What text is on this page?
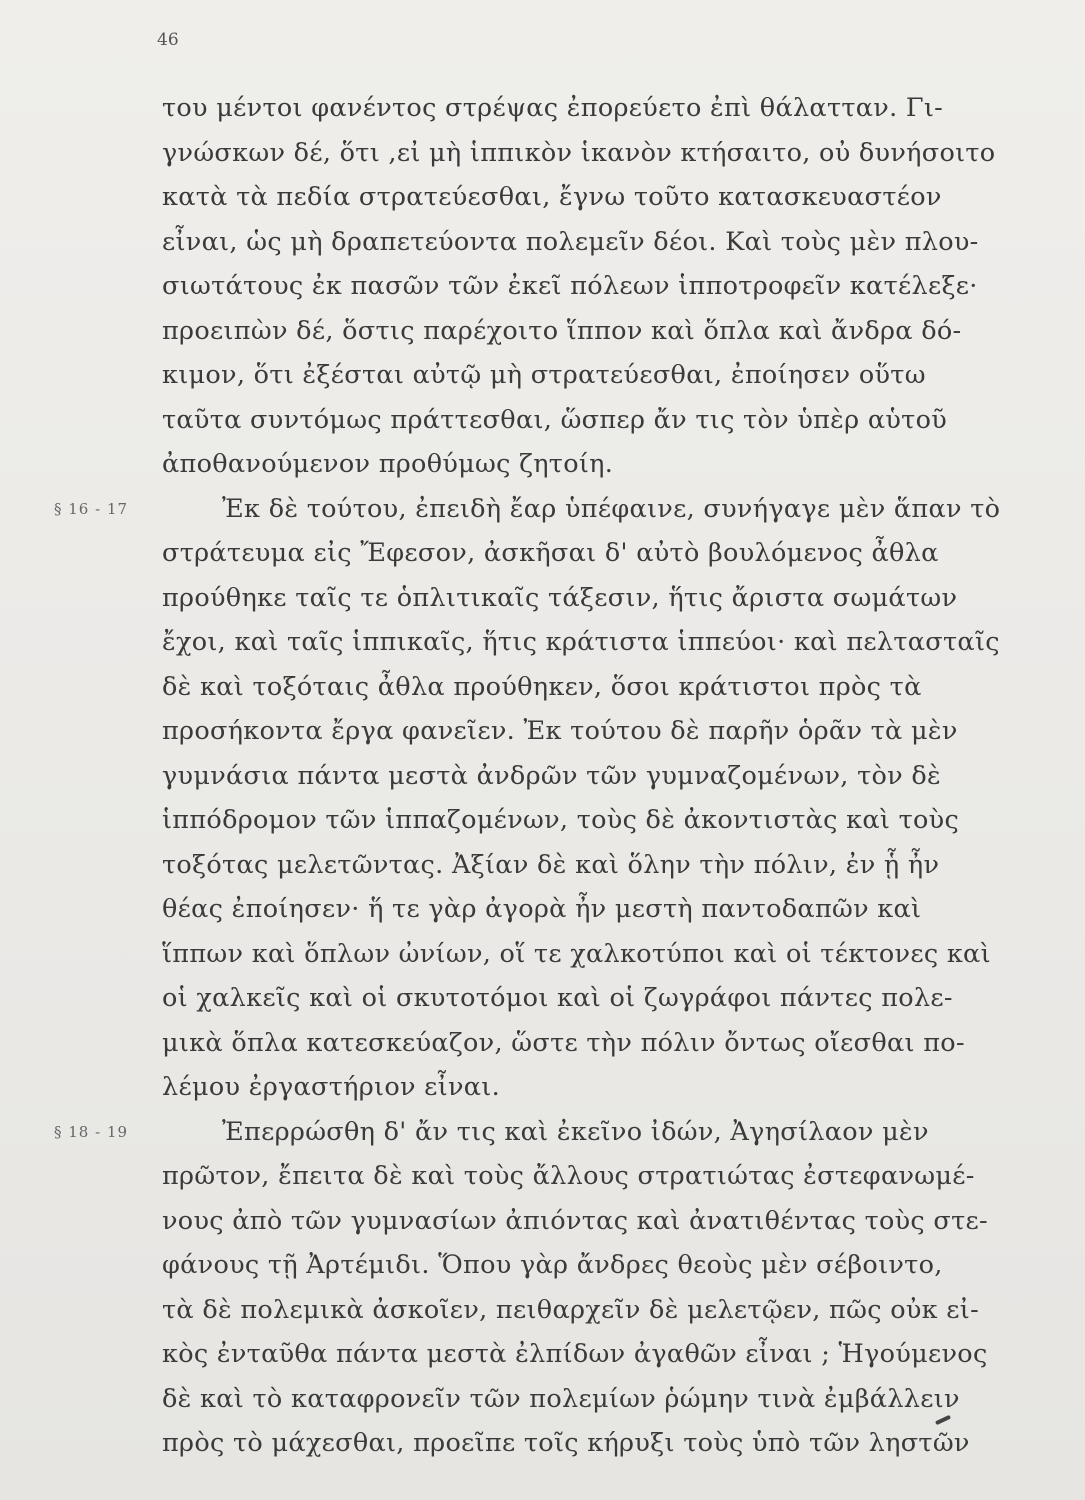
46
του μέντοι φανέντος στρέψας ἐπορεύετο ἐπὶ θάλατταν. Γι-
γνώσκων δέ, ὅτι ,εἰ μὴ ἱππικὸν ἱκανὸν κτήσαιτο, οὐ δυνήσοιτο
κατὰ τὰ πεδία στρατεύεσθαι, ἔγνω τοῦτο κατασκευαστέον
εἶναι, ὡς μὴ δραπετεύοντα πολεμεῖν δέοι. Καὶ τοὺς μὲν πλου-
σιωτάτους ἐκ πασῶν τῶν ἐκεῖ πόλεων ἱπποτροφεῖν κατέλεξε·
προειπὼν δέ, ὅστις παρέχοιτο ἵππον καὶ ὅπλα καὶ ἄνδρα δό-
κιμον, ὅτι ἐξέσται αὐτῷ μὴ στρατεύεσθαι, ἐποίησεν οὕτω
ταῦτα συντόμως πράττεσθαι, ὥσπερ ἄν τις τὸν ὑπὲρ αὑτοῦ
ἀποθανούμενον προθύμως ζητοίη.
§ 16 - 17	Ἐκ δὲ τούτου, ἐπειδὴ ἔαρ ὑπέφαινε, συνήγαγε μὲν ἅπαν τὸ
στράτευμα εἰς Ἔφεσον, ἀσκῆσαι δ' αὐτὸ βουλόμενος ἆθλα
προύθηκε ταῖς τε ὁπλιτικαῖς τάξεσιν, ἥτις ἄριστα σωμάτων
ἔχοι, καὶ ταῖς ἱππικαῖς, ἥτις κράτιστα ἱππεύοι· καὶ πελτασταῖς
δὲ καὶ τοξόταις ἆθλα προύθηκεν, ὅσοι κράτιστοι πρὸς τὰ
προσήκοντα ἔργα φανεῖεν. Ἐκ τούτου δὲ παρῆν ὁρᾶν τὰ μὲν
γυμνάσια πάντα μεστὰ ἀνδρῶν τῶν γυμναζομένων, τὸν δὲ
ἱππόδρομον τῶν ἱππαζομένων, τοὺς δὲ ἀκοντιστὰς καὶ τοὺς
τοξότας μελετῶντας. Ἀξίαν δὲ καὶ ὅλην τὴν πόλιν, ἐν ᾗ ἦν
θέας ἐποίησεν· ἥ τε γὰρ ἀγορὰ ἦν μεστὴ παντοδαπῶν καὶ
ἵππων καὶ ὅπλων ὠνίων, οἵ τε χαλκοτύποι καὶ οἱ τέκτονες καὶ
οἱ χαλκεῖς καὶ οἱ σκυτοτόμοι καὶ οἱ ζωγράφοι πάντες πολε-
μικὰ ὅπλα κατεσκεύαζον, ὥστε τὴν πόλιν ὄντως οἴεσθαι πο-
λέμου ἐργαστήριον εἶναι.
§ 18 - 19	Ἐπερρώσθη δ' ἄν τις καὶ ἐκεῖνο ἰδών, Ἀγησίλαον μὲν
πρῶτον, ἔπειτα δὲ καὶ τοὺς ἄλλους στρατιώτας ἐστεφανωμέ-
νους ἀπὸ τῶν γυμνασίων ἀπιόντας καὶ ἀνατιθέντας τοὺς στε-
φάνους τῇ Ἀρτέμιδι. Ὅπου γὰρ ἄνδρες θεοὺς μὲν σέβοιντο,
τὰ δὲ πολεμικὰ ἀσκοῖεν, πειθαρχεῖν δὲ μελετῷεν, πῶς οὐκ εἰ-
κὸς ἐνταῦθα πάντα μεστὰ ἐλπίδων ἀγαθῶν εἶναι ; Ἡγούμενος
δὲ καὶ τὸ καταφρονεῖν τῶν πολεμίων ῥώμην τινὰ ἐμβάλλειν
πρὸς τὸ μάχεσθαι, προεῖπε τοῖς κήρυξι τοὺς ὑπὸ τῶν ληστῶν
